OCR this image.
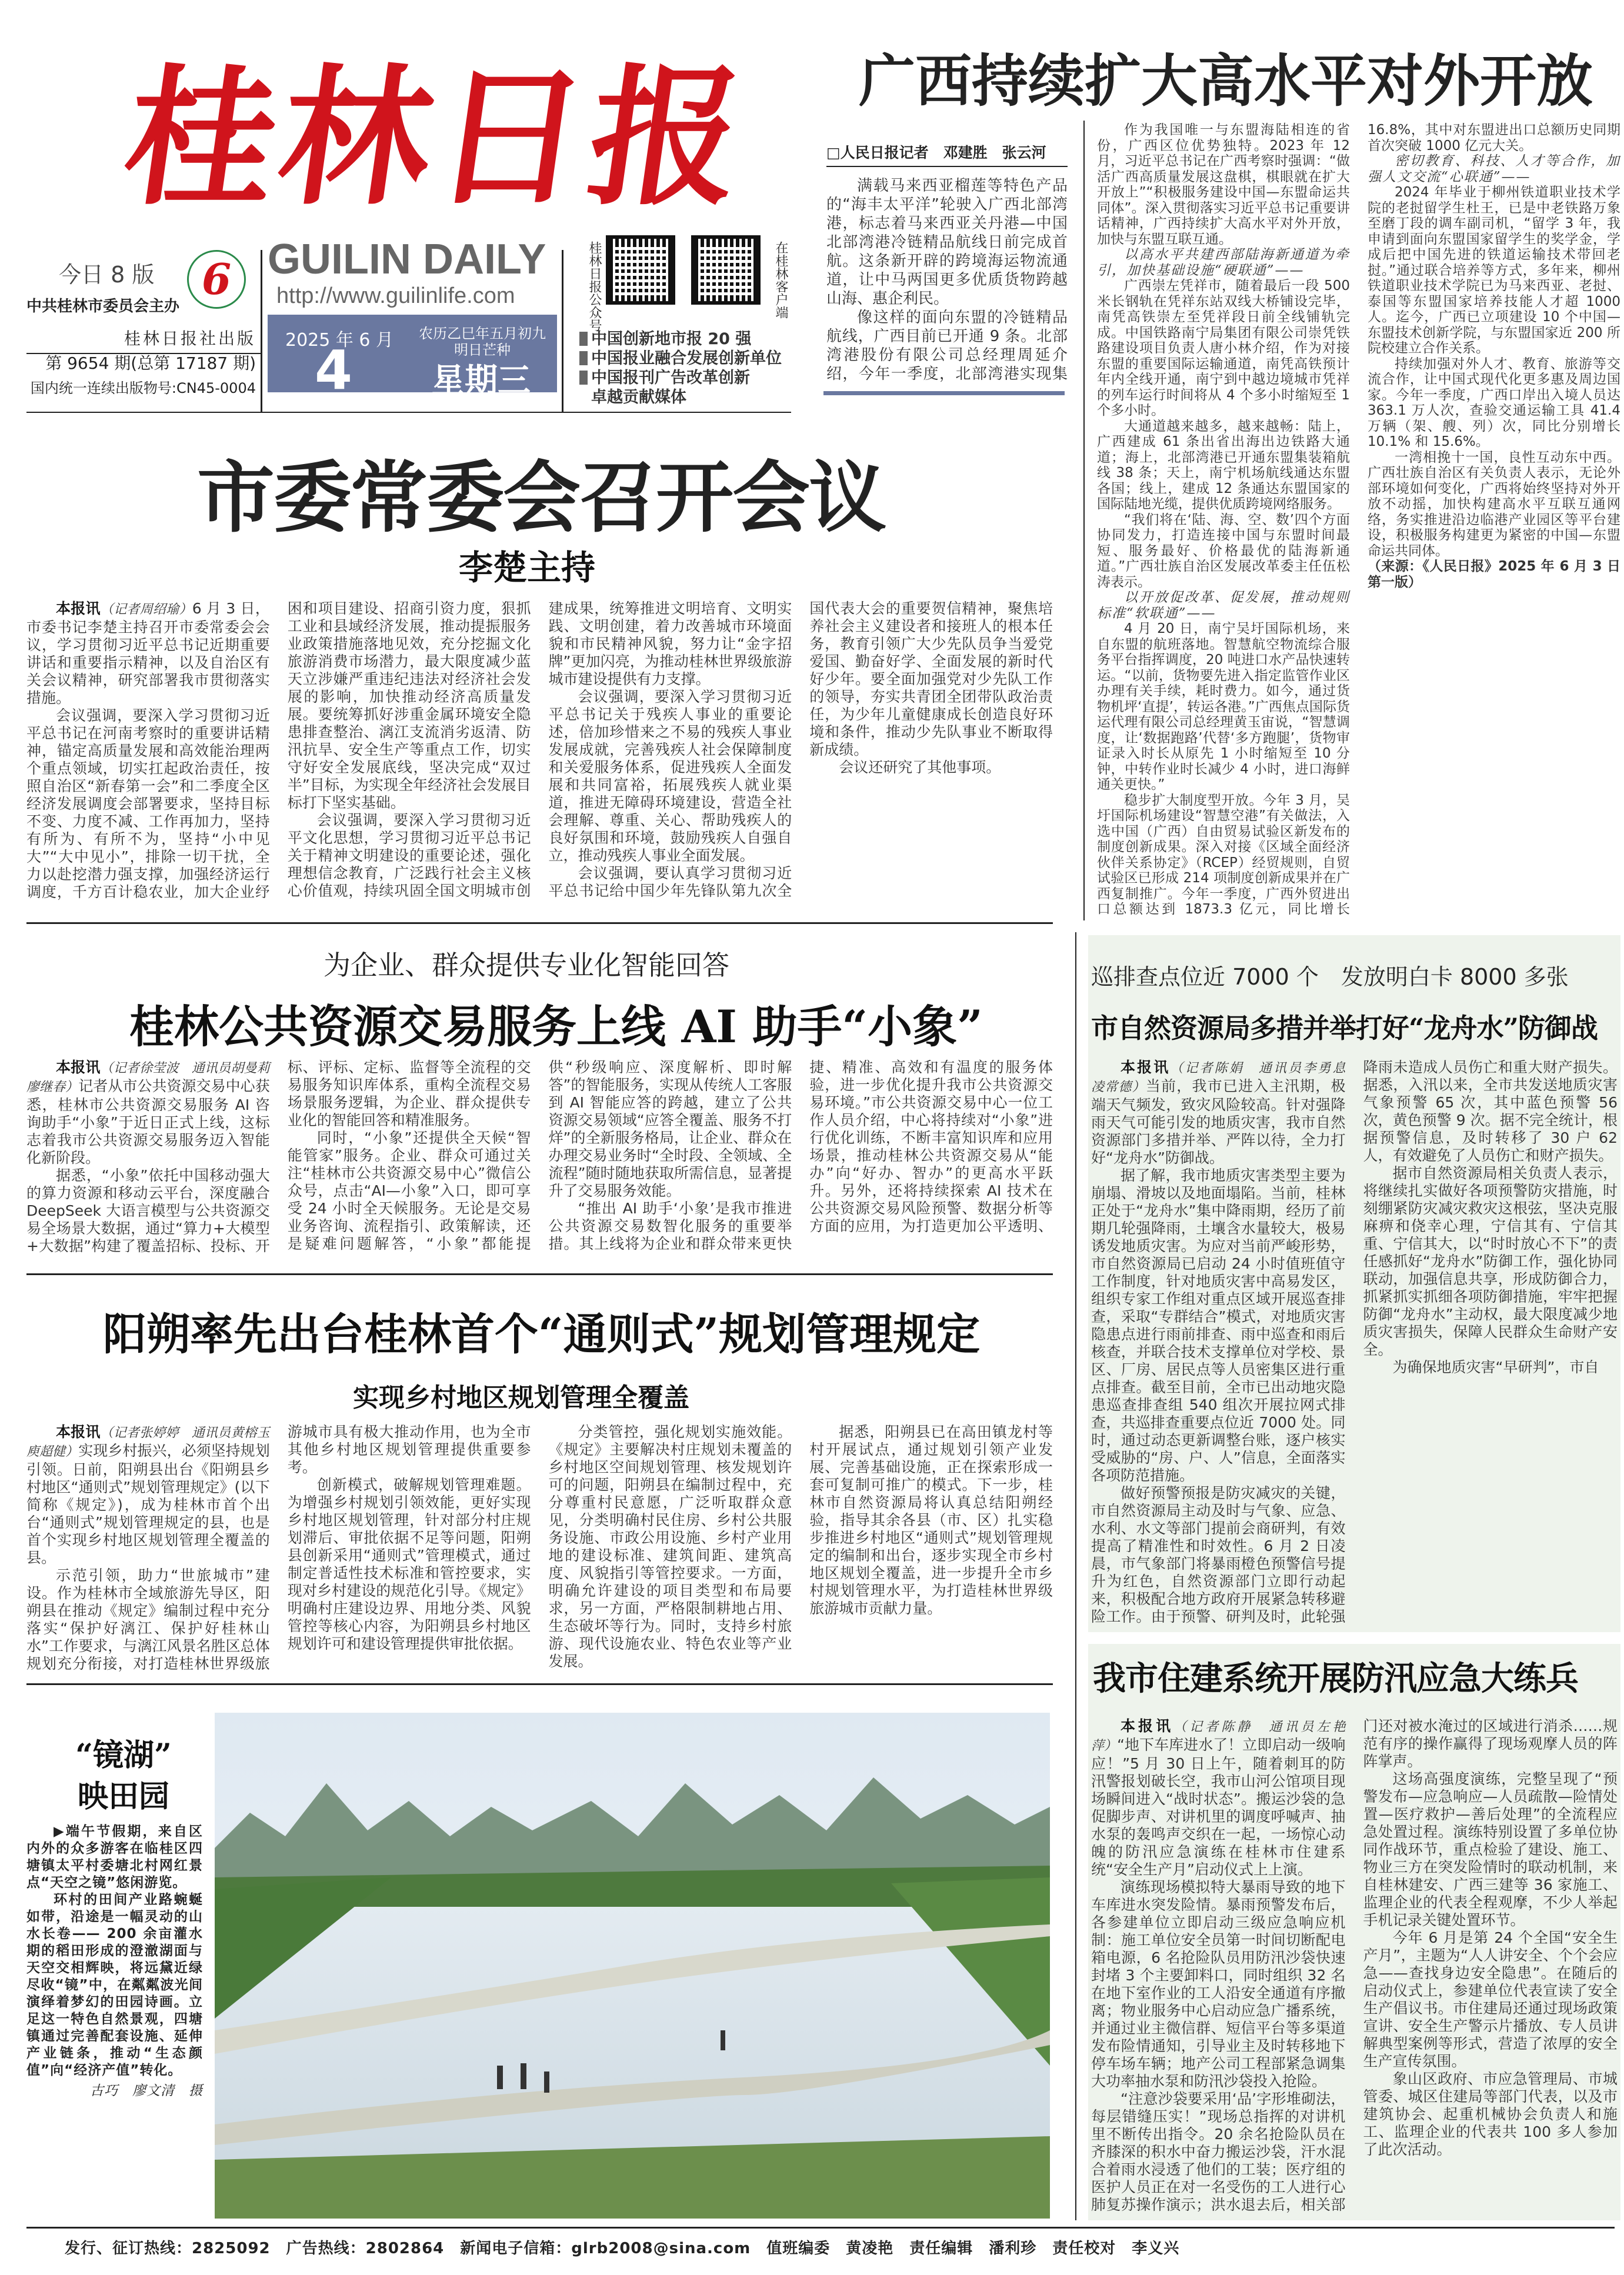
桂林日报 广西持续扩大高水平对外开放
今日 8 版
中共桂林市委员会主办
6
桂林日报社出版
第 9654 期(总第 17187 期)
国内统一连续出版物号:CN45-0004
GUILIN DAILY
http://www.guilinlife.com
2025 年 6 月
4
农历乙巳年五月初九
明日芒种
星期三
桂林日报公众号	在桂林客户端
中国创新地市报 20 强
中国报业融合发展创新单位
中国报刊广告改革创新
卓越贡献媒体
□人民日报记者　邓建胜　张云河

满载马来西亚榴莲等特色产品的“海丰太平洋”轮驶入广西北部湾港，标志着马来西亚关丹港—中国北部湾港冷链精品航线日前完成首航。这条新开辟的跨境海运物流通道，让中马两国更多优质货物跨越山海、惠企利民。

像这样的面向东盟的冷链精品航线，广西目前已开通 9 条。北部湾港股份有限公司总经理周延介绍，今年一季度，北部湾港实现集

作为我国唯一与东盟海陆相连的省份，广西区位优势独特。2023 年 12 月，习近平总书记在广西考察时强调：“做活广西高质量发展这盘棋，棋眼就在扩大开放上”“积极服务建设中国—东盟命运共同体”。深入贯彻落实习近平总书记重要讲话精神，广西持续扩大高水平对外开放，加快与东盟互联互通。

以高水平共建西部陆海新通道为牵引，加快基础设施“硬联通”——

广西崇左凭祥市，随着最后一段 500 米长钢轨在凭祥东站双线大桥铺设完毕，南凭高铁崇左至凭祥段日前全线铺轨完成。中国铁路南宁局集团有限公司崇凭铁路建设项目负责人唐小林介绍，作为对接东盟的重要国际运输通道，南凭高铁预计年内全线开通，南宁到中越边境城市凭祥的列车运行时间将从 4 个多小时缩短至 1 个多小时。

大通道越来越多，越来越畅：陆上，广西建成 61 条出省出海出边铁路大通道；海上，北部湾港已开通东盟集装箱航线 38 条；天上，南宁机场航线通达东盟各国；线上，建成 12 条通达东盟国家的国际陆地光缆，提供优质跨境网络服务。

“我们将在‘陆、海、空、数’四个方面协同发力，打造连接中国与东盟时间最短、服务最好、价格最优的陆海新通道。”广西壮族自治区发展改革委主任伍松涛表示。

以开放促改革、促发展，推动规则标准“软联通”——

4 月 20 日，南宁吴圩国际机场，来自东盟的航班落地。智慧航空物流综合服务平台指挥调度，20 吨进口水产品快速转运。“以前，货物要先进入指定监管作业区办理有关手续，耗时费力。如今，通过货物机坪‘直提’，转运各港。”广西焦点国际货运代理有限公司总经理黄玉宙说，“智慧调度，让‘数据跑路’代替‘多方跑腿’，货物审证录入时长从原先 1 小时缩短至 10 分钟，中转作业时长减少 4 小时，进口海鲜通关更快。”

稳步扩大制度型开放。今年 3 月，吴圩国际机场建设“智慧空港”有关做法，入选中国（广西）自由贸易试验区新发布的制度创新成果。深入对接《区域全面经济伙伴关系协定》（RCEP）经贸规则，自贸试验区已形成 214 项制度创新成果并在广西复制推广。今年一季度，广西外贸进出口总额达到 1873.3 亿元，同比增长 16.8%，其中对东盟进出口总额历史同期首次突破 1000 亿元大关。

密切教育、科技、人才等合作，加强人文交流“心联通”——

2024 年毕业于柳州铁道职业技术学院的老挝留学生杜王，已是中老铁路万象至磨丁段的调车副司机，“留学 3 年，我申请到面向东盟国家留学生的奖学金，学成后把中国先进的铁道运输技术带回老挝。”通过联合培养等方式，多年来，柳州铁道职业技术学院已为马来西亚、老挝、泰国等东盟国家培养技能人才超 1000 人。迄今，广西已立项建设 10 个中国—东盟技术创新学院，与东盟国家近 200 所院校建立合作关系。

持续加强对外人才、教育、旅游等交流合作，让中国式现代化更多惠及周边国家。今年一季度，广西口岸出入境人员达 363.1 万人次，查验交通运输工具 41.4 万辆（架、艘、列）次，同比分别增长 10.1% 和 15.6%。

一湾相挽十一国，良性互动东中西。广西壮族自治区有关负责人表示，无论外部环境如何变化，广西将始终坚持对外开放不动摇，加快构建高水平互联互通网络，务实推进沿边临港产业园区等平台建设，积极服务构建更为紧密的中国—东盟命运共同体。

（来源：《人民日报》2025 年 6 月 3 日第一版）

市委常委会召开会议
李楚主持

本报讯（记者周绍瑜）6 月 3 日，市委书记李楚主持召开市委常委会会议，学习贯彻习近平总书记近期重要讲话和重要指示精神，以及自治区有关会议精神，研究部署我市贯彻落实措施。

会议强调，要深入学习贯彻习近平总书记在河南考察时的重要讲话精神，锚定高质量发展和高效能治理两个重点领域，切实扛起政治责任，按照自治区“新春第一会”和二季度全区经济发展调度会部署要求，坚持目标不变、力度不减、工作再加力，坚持有所为、有所不为，坚持“小中见大”“大中见小”，排除一切干扰，全力以赴挖潜力强支撑，加强经济运行调度，千方百计稳农业，加大企业纾困和项目建设、招商引资力度，狠抓工业和县域经济发展，推动提振服务业政策措施落地见效，充分挖掘文化旅游消费市场潜力，最大限度减少蓝天立涉嫌严重违纪违法对经济社会发展的影响，加快推动经济高质量发展。要统筹抓好涉重金属环境安全隐患排查整治、漓江支流消劣返清、防汛抗旱、安全生产等重点工作，切实守好安全发展底线，坚决完成“双过半”目标，为实现全年经济社会发展目标打下坚实基础。

会议强调，要深入学习贯彻习近平文化思想，学习贯彻习近平总书记关于精神文明建设的重要论述，强化理想信念教育，广泛践行社会主义核心价值观，持续巩固全国文明城市创建成果，统筹推进文明培育、文明实践、文明创建，着力改善城市环境面貌和市民精神风貌，努力让“金字招牌”更加闪亮，为推动桂林世界级旅游城市建设提供有力支撑。

会议强调，要深入学习贯彻习近平总书记关于残疾人事业的重要论述，倍加珍惜来之不易的残疾人事业发展成就，完善残疾人社会保障制度和关爱服务体系，促进残疾人全面发展和共同富裕，拓展残疾人就业渠道，推进无障碍环境建设，营造全社会理解、尊重、关心、帮助残疾人的良好氛围和环境，鼓励残疾人自强自立，推动残疾人事业全面发展。

会议强调，要认真学习贯彻习近平总书记给中国少年先锋队第九次全国代表大会的重要贺信精神，聚焦培养社会主义建设者和接班人的根本任务，教育引领广大少先队员争当爱党爱国、勤奋好学、全面发展的新时代好少年。要全面加强党对少先队工作的领导，夯实共青团全团带队政治责任，为少年儿童健康成长创造良好环境和条件，推动少先队事业不断取得新成绩。

会议还研究了其他事项。

为企业、群众提供专业化智能回答
桂林公共资源交易服务上线 AI 助手“小象”

本报讯（记者徐莹波　通讯员胡曼莉　廖继春）记者从市公共资源交易中心获悉，桂林市公共资源交易服务 AI 咨询助手“小象”于近日正式上线，这标志着我市公共资源交易服务迈入智能化新阶段。

据悉，“小象”依托中国移动强大的算力资源和移动云平台，深度融合 DeepSeek 大语言模型与公共资源交易全场景大数据，通过“算力+大模型+大数据”构建了覆盖招标、投标、开标、评标、定标、监督等全流程的交易服务知识库体系，重构全流程交易场景服务逻辑，为企业、群众提供专业化的智能回答和精准服务。

同时，“小象”还提供全天候“智能管家”服务。企业、群众可通过关注“桂林市公共资源交易中心”微信公众号，点击“AI—小象”入口，即可享受 24 小时全天候服务。无论是交易业务咨询、流程指引、政策解读，还是疑难问题解答，“小象”都能提供“秒级响应、深度解析、即时解答”的智能服务，实现从传统人工客服到 AI 智能应答的跨越，建立了公共资源交易领域“应答全覆盖、服务不打烊”的全新服务格局，让企业、群众在办理交易业务时“全时段、全领域、全流程”随时随地获取所需信息，显著提升了交易服务效能。

“推出 AI 助手‘小象’是我市推进公共资源交易数智化服务的重要举措。其上线将为企业和群众带来更快捷、精准、高效和有温度的服务体验，进一步优化提升我市公共资源交易环境。”市公共资源交易中心一位工作人员介绍，中心将持续对“小象”进行优化训练，不断丰富知识库和应用场景，推动桂林公共资源交易从“能办”向“好办、智办”的更高水平跃升。另外，还将持续探索 AI 技术在公共资源交易风险预警、数据分析等方面的应用，为打造更加公平透明、

阳朔率先出台桂林首个“通则式”规划管理规定
实现乡村地区规划管理全覆盖

本报讯（记者张婷婷　通讯员黄榕玉　庾超健）实现乡村振兴，必须坚持规划引领。日前，阳朔县出台《阳朔县乡村地区“通则式”规划管理规定》(以下简称《规定》)，成为桂林市首个出台“通则式”规划管理规定的县，也是首个实现乡村地区规划管理全覆盖的县。

示范引领，助力“世旅城市”建设。作为桂林市全域旅游先导区，阳朔县在推动《规定》编制过程中充分落实“保护好漓江、保护好桂林山水”工作要求，与漓江风景名胜区总体规划充分衔接，对打造桂林世界级旅游城市具有极大推动作用，也为全市其他乡村地区规划管理提供重要参考。

创新模式，破解规划管理难题。为增强乡村规划引领效能，更好实现乡村地区规划管理，针对部分村庄规划滞后、审批依据不足等问题，阳朔县创新采用“通则式”管理模式，通过制定普适性技术标准和管控要求，实现对乡村建设的规范化引导。《规定》明确村庄建设边界、用地分类、风貌管控等核心内容，为阳朔县乡村地区规划许可和建设管理提供审批依据。

分类管控，强化规划实施效能。《规定》主要解决村庄规划未覆盖的乡村地区空间规划管理、核发规划许可的问题，阳朔县在编制过程中，充分尊重村民意愿，广泛听取群众意见，分类明确村民住房、乡村公共服务设施、市政公用设施、乡村产业用地的建设标准、建筑间距、建筑高度、风貌指引等管控要求。一方面，明确允许建设的项目类型和布局要求，另一方面，严格限制耕地占用、生态破坏等行为。同时，支持乡村旅游、现代设施农业、特色农业等产业发展。

据悉，阳朔县已在高田镇龙村等村开展试点，通过规划引领产业发展、完善基础设施，正在探索形成一套可复制可推广的模式。下一步，桂林市自然资源局将认真总结阳朔经验，指导其余各县（市、区）扎实稳步推进乡村地区“通则式”规划管理规定的编制和出台，逐步实现全市乡村地区规划全覆盖，进一步提升全市乡村规划管理水平，为打造桂林世界级旅游城市贡献力量。

“镜湖”
映田园

▶端午节假期，来自区内外的众多游客在临桂区四塘镇太平村委塘北村网红景点“天空之镜”悠闲游览。

环村的田间产业路蜿蜒如带，沿途是一幅灵动的山水长卷—— 200 余亩灌水期的稻田形成的澄澈湖面与天空交相辉映，将远黛近绿尽收“镜”中，在粼粼波光间演绎着梦幻的田园诗画。立足这一特色自然景观，四塘镇通过完善配套设施、延伸产业链条，推动“生态颜值”向“经济产值”转化。

古巧　廖文清　摄

巡排查点位近 7000 个　发放明白卡 8000 多张
市自然资源局多措并举打好“龙舟水”防御战

本报讯（记者陈娟　通讯员李勇息　凌常德）当前，我市已进入主汛期，极端天气频发，致灾风险较高。针对强降雨天气可能引发的地质灾害，我市自然资源部门多措并举、严阵以待，全力打好“龙舟水”防御战。

据了解，我市地质灾害类型主要为崩塌、滑坡以及地面塌陷。当前，桂林正处于“龙舟水”集中降雨期，经历了前期几轮强降雨，土壤含水量较大，极易诱发地质灾害。为应对当前严峻形势，市自然资源局已启动 24 小时值班值守工作制度，针对地质灾害中高易发区，组织专家工作组对重点区域开展巡查排查，采取“专群结合”模式，对地质灾害隐患点进行雨前排查、雨中巡查和雨后核查，并联合技术支撑单位对学校、景区、厂房、居民点等人员密集区进行重点排查。截至目前，全市已出动地灾隐患巡查排查组 540 组次开展拉网式排查，共巡排查重要点位近 7000 处。同时，通过动态更新调整台账，逐户核实受威胁的“房、户、人”信息，全面落实各项防范措施。

做好预警预报是防灾减灾的关键，市自然资源局主动及时与气象、应急、水利、水文等部门提前会商研判，有效提高了精准性和时效性。6 月 2 日凌晨，市气象部门将暴雨橙色预警信号提升为红色，自然资源部门立即行动起来，积极配合地方政府开展紧急转移避险工作。由于预警、研判及时，此轮强降雨未造成人员伤亡和重大财产损失。据悉，入汛以来，全市共发送地质灾害气象预警 65 次，其中蓝色预警 56 次，黄色预警 9 次。据不完全统计，根据预警信息，及时转移了 30 户 62 人，有效避免了人员伤亡和财产损失。

据市自然资源局相关负责人表示，将继续扎实做好各项预警防灾措施，时刻绷紧防灾减灾救灾这根弦，坚决克服麻痹和侥幸心理，宁信其有、宁信其重、宁信其大，以“时时放心不下”的责任感抓好“龙舟水”防御工作，强化协同联动，加强信息共享，形成防御合力，抓紧抓实抓细各项防御措施，牢牢把握防御“龙舟水”主动权，最大限度减少地质灾害损失，保障人民群众生命财产安全。

为确保地质灾害“早研判”，市自

我市住建系统开展防汛应急大练兵

本报讯（记者陈静　通讯员左艳萍）“地下车库进水了！立即启动一级响应！”5 月 30 日上午，随着刺耳的防汛警报划破长空，我市山河公馆项目现场瞬间进入“战时状态”。搬运沙袋的急促脚步声、对讲机里的调度呼喊声、抽水泵的轰鸣声交织在一起，一场惊心动魄的防汛应急演练在桂林市住建系统“安全生产月”启动仪式上上演。

演练现场模拟特大暴雨导致的地下车库进水突发险情。暴雨预警发布后，各参建单位立即启动三级应急响应机制：施工单位安全员第一时间切断配电箱电源，6 名抢险队员用防汛沙袋快速封堵 3 个主要卸料口，同时组织 32 名在地下室作业的工人沿安全通道有序撤离；物业服务中心启动应急广播系统，并通过业主微信群、短信平台等多渠道发布险情通知，引导业主及时转移地下停车场车辆；地产公司工程部紧急调集大功率抽水泵和防汛沙袋投入抢险。

“注意沙袋要采用‘品’字形堆砌法，每层错缝压实！”现场总指挥的对讲机里不断传出指令。20 余名抢险队员在齐膝深的积水中奋力搬运沙袋，汗水混合着雨水浸透了他们的工装；医疗组的医护人员正在对一名受伤的工人进行心肺复苏操作演示；洪水退去后，相关部门还对被水淹过的区域进行消杀……规范有序的操作赢得了现场观摩人员的阵阵掌声。

这场高强度演练，完整呈现了“预警发布—应急响应—人员疏散—险情处置—医疗救护—善后处理”的全流程应急处置过程。演练特别设置了多单位协同作战环节，重点检验了建设、施工、物业三方在突发险情时的联动机制，来自桂林建安、广西三建等 36 家施工、监理企业的代表全程观摩，不少人举起手机记录关键处置环节。

今年 6 月是第 24 个全国“安全生产月”，主题为“人人讲安全、个个会应急——查找身边安全隐患”。在随后的启动仪式上，参建单位代表宣读了安全生产倡议书。市住建局还通过现场政策宣讲、安全生产警示片播放、专人员讲解典型案例等形式，营造了浓厚的安全生产宣传氛围。

象山区政府、市应急管理局、市城管委、城区住建局等部门代表，以及市建筑协会、起重机械协会负责人和施工、监理企业的代表共 100 多人参加了此次活动。

发行、征订热线：2825092　广告热线：2802864　新闻电子信箱：glrb2008@sina.com　值班编委　黄凌艳　责任编辑　潘利珍　责任校对　李义兴
